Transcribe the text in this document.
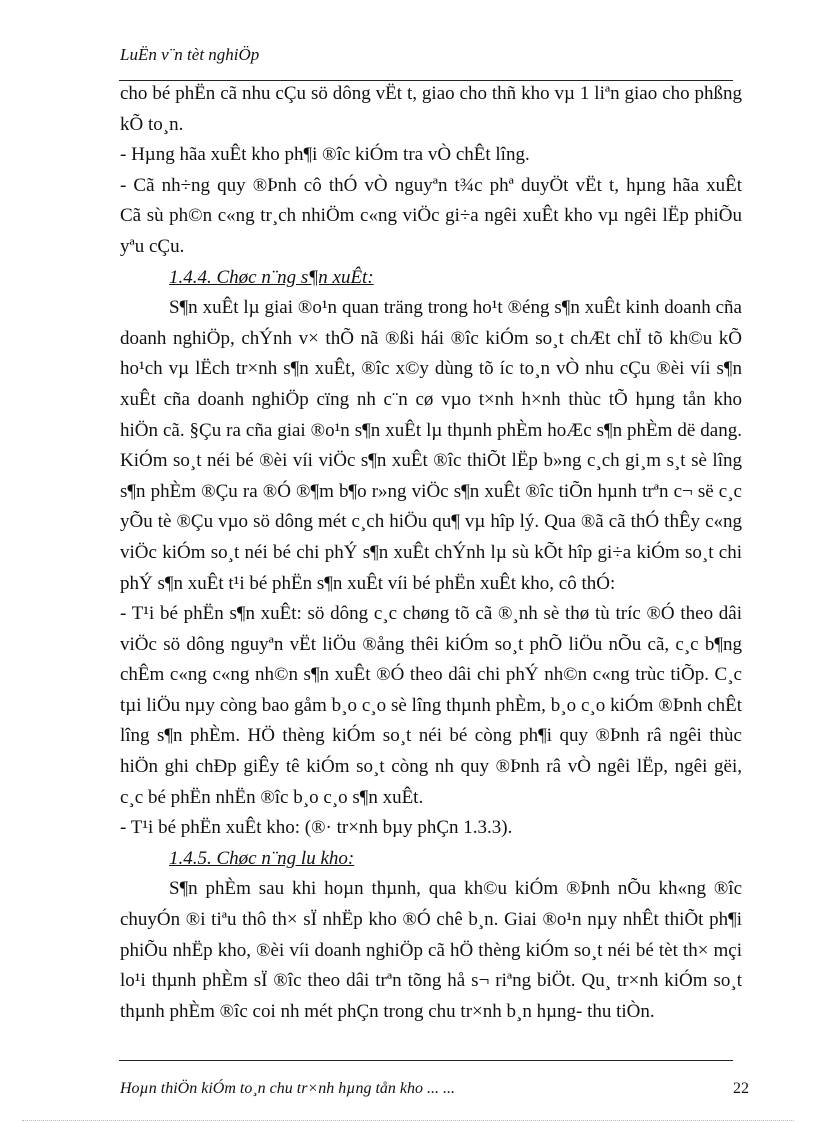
LuËn v¨n tèt nghiÖp
cho bé phËn cã nhu cÇu sö dông vËt t, giao cho thñ kho vµ 1 liªn giao cho phßng
kÕ to¸n.
- Hµng hãa xuÊt kho ph¶i ®îc kiÓm tra vÒ chÊt lîng.
- Cã nh÷ng quy ®Þnh cô thÓ vÒ nguyªn t¾c phª duyÖt vËt t, hµng hãa xuÊt
Cã sù ph©n c«ng tr¸ch nhiÖm c«ng viÖc gi÷a ngêi xuÊt kho vµ ngêi lËp phiÕu
yªu cÇu.
1.4.4. Chøc n¨ng s¶n xuÊt:
S¶n xuÊt lµ giai ®o¹n quan träng trong ho¹t ®éng s¶n xuÊt kinh doanh cña
doanh nghiÖp, chÝnh v× thÕ nã ®ßi hái ®îc kiÓm so¸t chÆt chÏ tõ kh©u kÕ
ho¹ch vµ lËch tr×nh s¶n xuÊt, ®îc x©y dùng tõ íc to¸n vÒ nhu cÇu ®èi víi s¶n
xuÊt cña doanh nghiÖp cïng nh c¨n cø vµo t×nh h×nh thùc tÕ hµng tån kho
hiÖn cã. §Çu ra cña giai ®o¹n s¶n xuÊt lµ thµnh phÈm hoÆc s¶n phÈm dë dang.
KiÓm so¸t néi bé ®èi víi viÖc s¶n xuÊt ®îc thiÕt lËp b»ng c¸ch gi¸m s¸t sè lîng
s¶n phÈm ®Çu ra ®Ó ®¶m b¶o r»ng viÖc s¶n xuÊt ®îc tiÕn hµnh trªn c¬ së c¸c
yÕu tè ®Çu vµo sö dông mét c¸ch hiÖu qu¶ vµ hîp lý. Qua ®ã cã thÓ thÊy c«ng
viÖc kiÓm so¸t néi bé chi phÝ s¶n xuÊt chÝnh lµ sù kÕt hîp gi÷a kiÓm so¸t chi
phÝ s¶n xuÊt t¹i bé phËn s¶n xuÊt víi bé phËn xuÊt kho, cô thÓ:
- T¹i bé phËn s¶n xuÊt: sö dông c¸c chøng tõ cã ®¸nh sè thø tù tríc ®Ó theo dâi
viÖc sö dông nguyªn vËt liÖu ®ång thêi kiÓm so¸t phÕ liÖu nÕu cã, c¸c b¶ng
chÊm c«ng c«ng nh©n s¶n xuÊt ®Ó theo dâi chi phÝ nh©n c«ng trùc tiÕp. C¸c
tµi liÖu nµy còng bao gåm b¸o c¸o sè lîng thµnh phÈm, b¸o c¸o kiÓm ®Þnh chÊt
lîng s¶n phÈm. HÖ thèng kiÓm so¸t néi bé còng ph¶i quy ®Þnh râ ngêi thùc
hiÖn ghi chÐp giÊy tê kiÓm so¸t còng nh quy ®Þnh râ vÒ ngêi lËp, ngêi gëi,
c¸c bé phËn nhËn ®îc b¸o c¸o s¶n xuÊt.
- T¹i bé phËn xuÊt kho: (®· tr×nh bµy phÇn 1.3.3).
1.4.5. Chøc n¨ng lu kho:
S¶n phÈm sau khi hoµn thµnh, qua kh©u kiÓm ®Þnh nÕu kh«ng ®îc
chuyÓn ®i tiªu thô th× sÏ nhËp kho ®Ó chê b¸n. Giai ®o¹n nµy nhÊt thiÕt ph¶i
phiÕu nhËp kho, ®èi víi doanh nghiÖp cã hÖ thèng kiÓm so¸t néi bé tèt th× mçi
lo¹i thµnh phÈm sÏ ®îc theo dâi trªn tõng hå s¬ riªng biÖt. Qu¸ tr×nh kiÓm so¸t
thµnh phÈm ®îc coi nh mét phÇn trong chu tr×nh b¸n hµng- thu tiÒn.
Hoµn thiÖn kiÓm to¸n chu tr×nh hµng tån kho ... ...	22
